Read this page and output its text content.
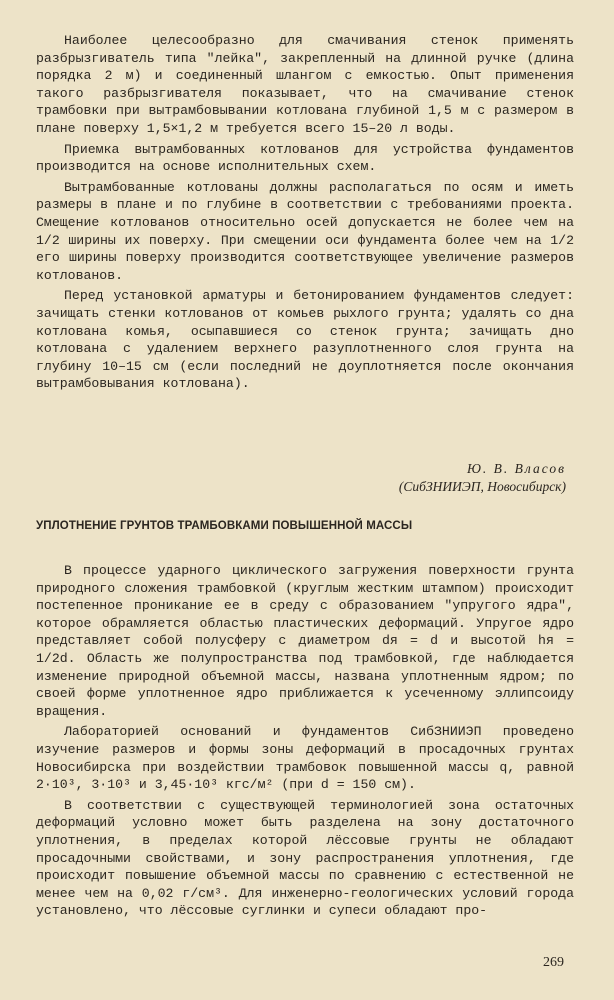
Наиболее целесообразно для смачивания стенок применять разбрызгиватель типа "лейка", закрепленный на длинной ручке (длина порядка 2 м) и соединенный шлангом с емкостью. Опыт применения такого разбрызгивателя показывает, что на смачивание стенок трамбовки при вытрамбовывании котлована глубиной 1,5 м с размером в плане поверху 1,5×1,2 м требуется всего 15–20 л воды.

Приемка вытрамбованных котлованов для устройства фундаментов производится на основе исполнительных схем.

Вытрамбованные котлованы должны располагаться по осям и иметь размеры в плане и по глубине в соответствии с требованиями проекта. Смещение котлованов относительно осей допускается не более чем на 1/2 ширины их поверху. При смещении оси фундамента более чем на 1/2 его ширины поверху производится соответствующее увеличение размеров котлованов.

Перед установкой арматуры и бетонированием фундаментов следует: зачищать стенки котлованов от комьев рыхлого грунта; удалять со дна котлована комья, осыпавшиеся со стенок грунта; зачищать дно котлована с удалением верхнего разуплотненного слоя грунта на глубину 10–15 см (если последний не доуплотняется после окончания вытрамбовывания котлована).

Ю. В. Власов
(СибЗНИИЭП, Новосибирск)
УПЛОТНЕНИЕ ГРУНТОВ ТРАМБОВКАМИ ПОВЫШЕННОЙ МАССЫ

В процессе ударного циклического загружения поверхности грунта природного сложения трамбовкой (круглым жестким штампом) происходит постепенное проникание ее в среду с образованием "упругого ядра", которое обрамляется областью пластических деформаций. Упругое ядро представляет собой полусферу с диаметром dя = d и высотой hя = 1/2d. Область же полупространства под трамбовкой, где наблюдается изменение природной объемной массы, названа уплотненным ядром; по своей форме уплотненное ядро приближается к усеченному эллипсоиду вращения.

Лабораторией оснований и фундаментов СибЗНИИЭП проведено изучение размеров и формы зоны деформаций в просадочных грунтах Новосибирска при воздействии трамбовок повышенной массы q, равной 2·10³, 3·10³ и 3,45·10³ кгс/м² (при d = 150 см).

В соответствии с существующей терминологией зона остаточных деформаций условно может быть разделена на зону достаточного уплотнения, в пределах которой лёссовые грунты не обладают просадочными свойствами, и зону распространения уплотнения, где происходит повышение объемной массы по сравнению с естественной не менее чем на 0,02 г/см³. Для инженерно-геологических условий города установлено, что лёссовые суглинки и супеси обладают про-

269
